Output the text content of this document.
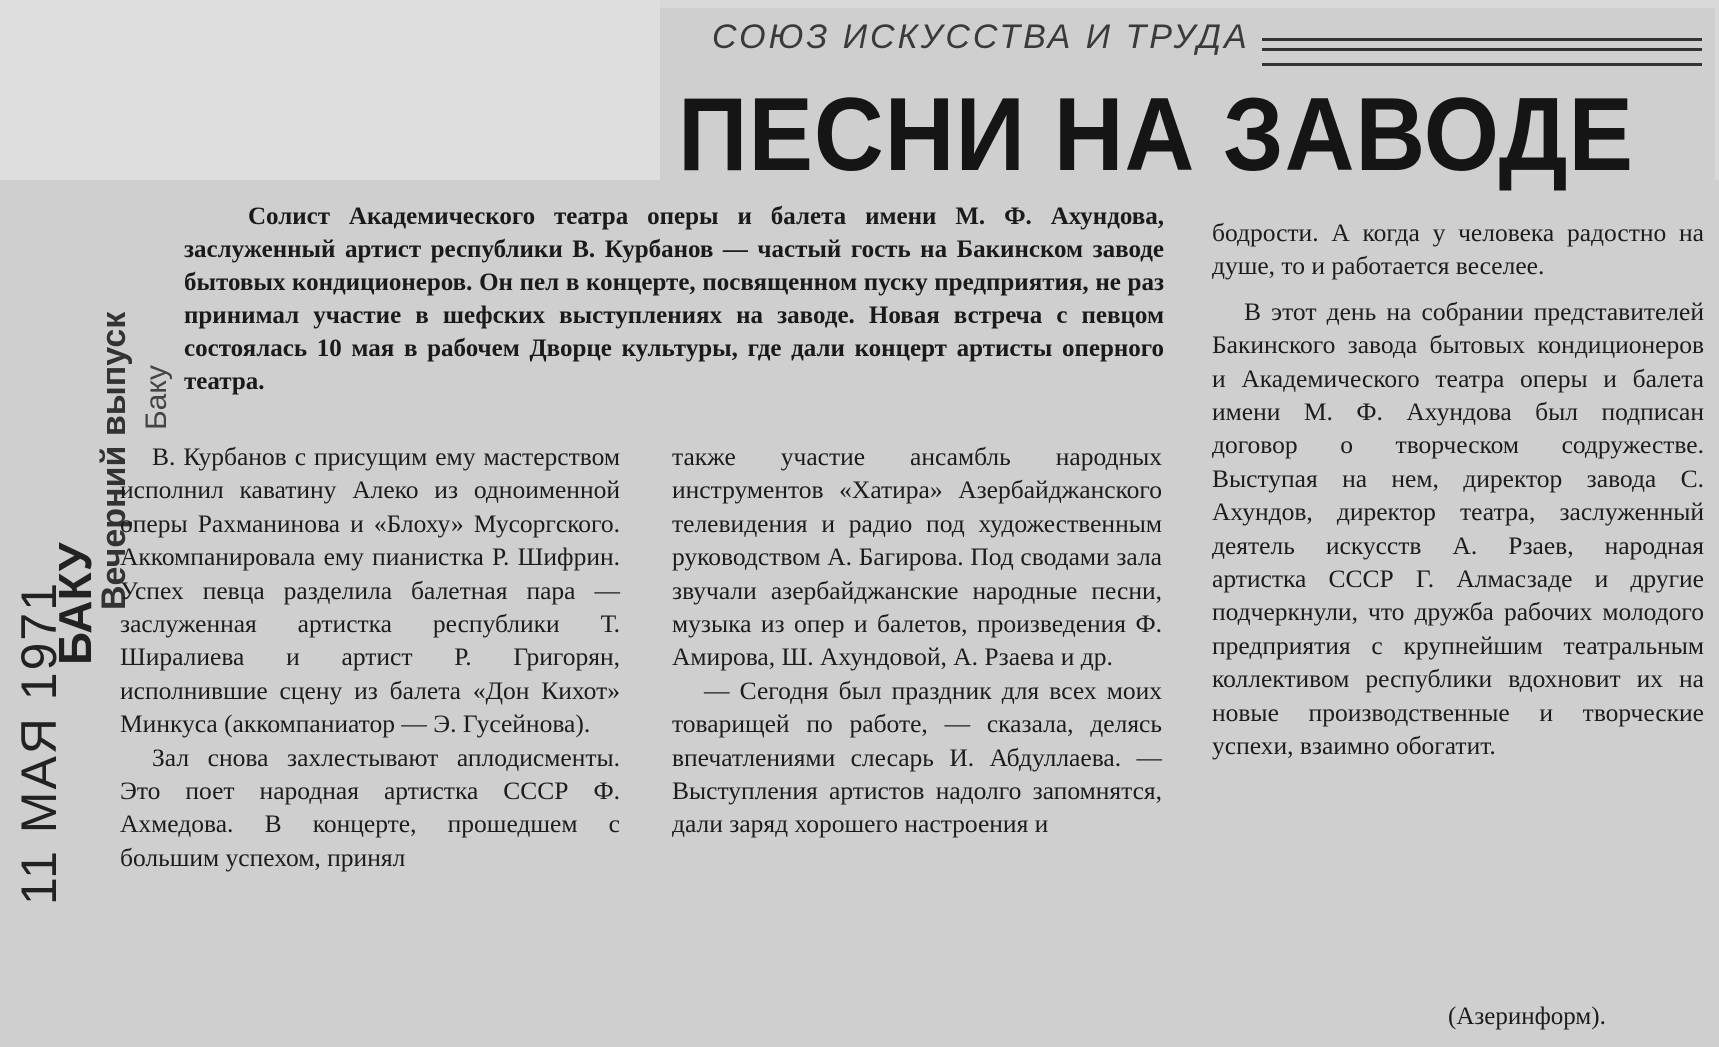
СОЮЗ ИСКУССТВА И ТРУДА
ПЕСНИ НА ЗАВОДЕ
11 МАЯ 1971
БАКУ
Вечерний выпуск Баку

Солист Академического театра оперы и балета имени М. Ф. Ахундова, заслуженный артист республики В. Курбанов — частый гость на Бакинском заводе бытовых кондиционеров. Он пел в концерте, посвященном пуску предприятия, не раз принимал участие в шефских выступлениях на заводе. Новая встреча с певцом состоялась 10 мая в рабочем Дворце культуры, где дали концерт артисты оперного театра.

В. Курбанов с присущим ему мастерством исполнил каватину Алеко из одноименной оперы Рахманинова и «Блоху» Мусоргского. Аккомпанировала ему пианистка Р. Шифрин. Успех певца разделила балетная пара — заслуженная артистка республики Т. Ширалиева и артист Р. Григорян, исполнившие сцену из балета «Дон Кихот» Минкуса (аккомпаниатор — Э. Гусейнова).

Зал снова захлестывают аплодисменты. Это поет народная артистка СССР Ф. Ахмедова. В концерте, прошедшем с большим успехом, принял

также участие ансамбль народных инструментов «Хатира» Азербайджанского телевидения и радио под художественным руководством А. Багирова. Под сводами зала звучали азербайджанские народные песни, музыка из опер и балетов, произведения Ф. Амирова, Ш. Ахундовой, А. Рзаева и др.

— Сегодня был праздник для всех моих товарищей по работе, — сказала, делясь впечатлениями слесарь И. Абдуллаева. — Выступления артистов надолго запомнятся, дали заряд хорошего настроения и

бодрости. А когда у человека радостно на душе, то и работается веселее.

В этот день на собрании представителей Бакинского завода бытовых кондиционеров и Академического театра оперы и балета имени М. Ф. Ахундова был подписан договор о творческом содружестве. Выступая на нем, директор завода С. Ахундов, директор театра, заслуженный деятель искусств А. Рзаев, народная артистка СССР Г. Алмасзаде и другие подчеркнули, что дружба рабочих молодого предприятия с крупнейшим театральным коллективом республики вдохновит их на новые производственные и творческие успехи, взаимно обогатит.

(Азеринформ).
